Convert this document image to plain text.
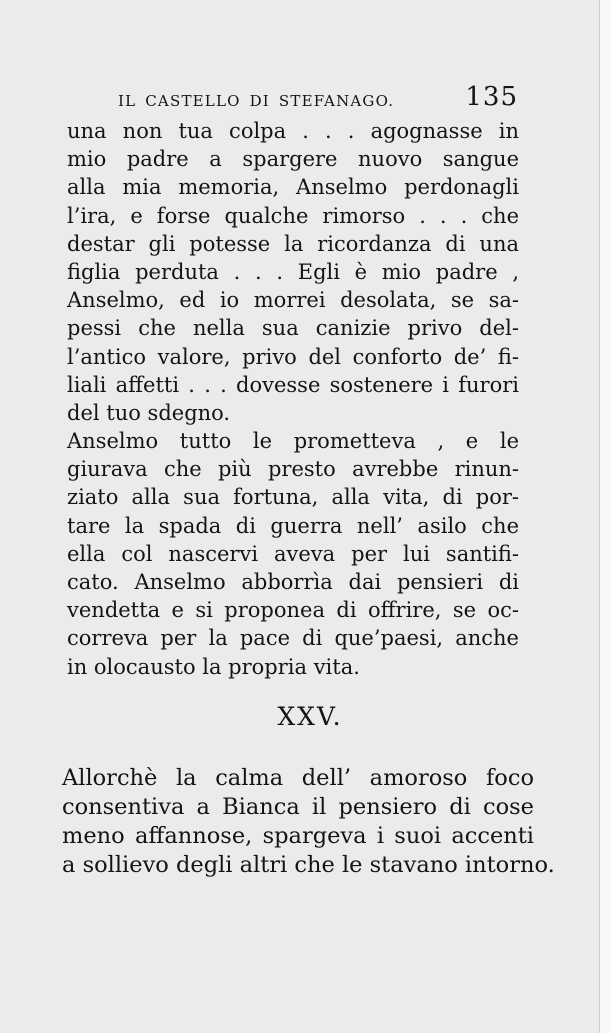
IL CASTELLO DI STEFANAGO.	135
una non tua colpa . . . agognasse in
mio padre a spargere nuovo sangue
alla mia memoria, Anselmo perdonagli
l’ira, e forse qualche rimorso . . . che
destar gli potesse la ricordanza di una
figlia perduta . . . Egli è mio padre ,
Anselmo, ed io morrei desolata, se sa-
pessi che nella sua canizie privo del-
l’antico valore, privo del conforto de’ fi-
liali affetti . . . dovesse sostenere i furori
del tuo sdegno.
Anselmo tutto le prometteva , e le
giurava che più presto avrebbe rinun-
ziato alla sua fortuna, alla vita, di por-
tare la spada di guerra nell’ asilo che
ella col nascervi aveva per lui santifi-
cato. Anselmo abborrìa dai pensieri di
vendetta e si proponea di offrire, se oc-
correva per la pace di que’paesi, anche
in olocausto la propria vita.
XXV.
Allorchè la calma dell’ amoroso foco
consentiva a Bianca il pensiero di cose
meno affannose, spargeva i suoi accenti
a sollievo degli altri che le stavano intorno.
